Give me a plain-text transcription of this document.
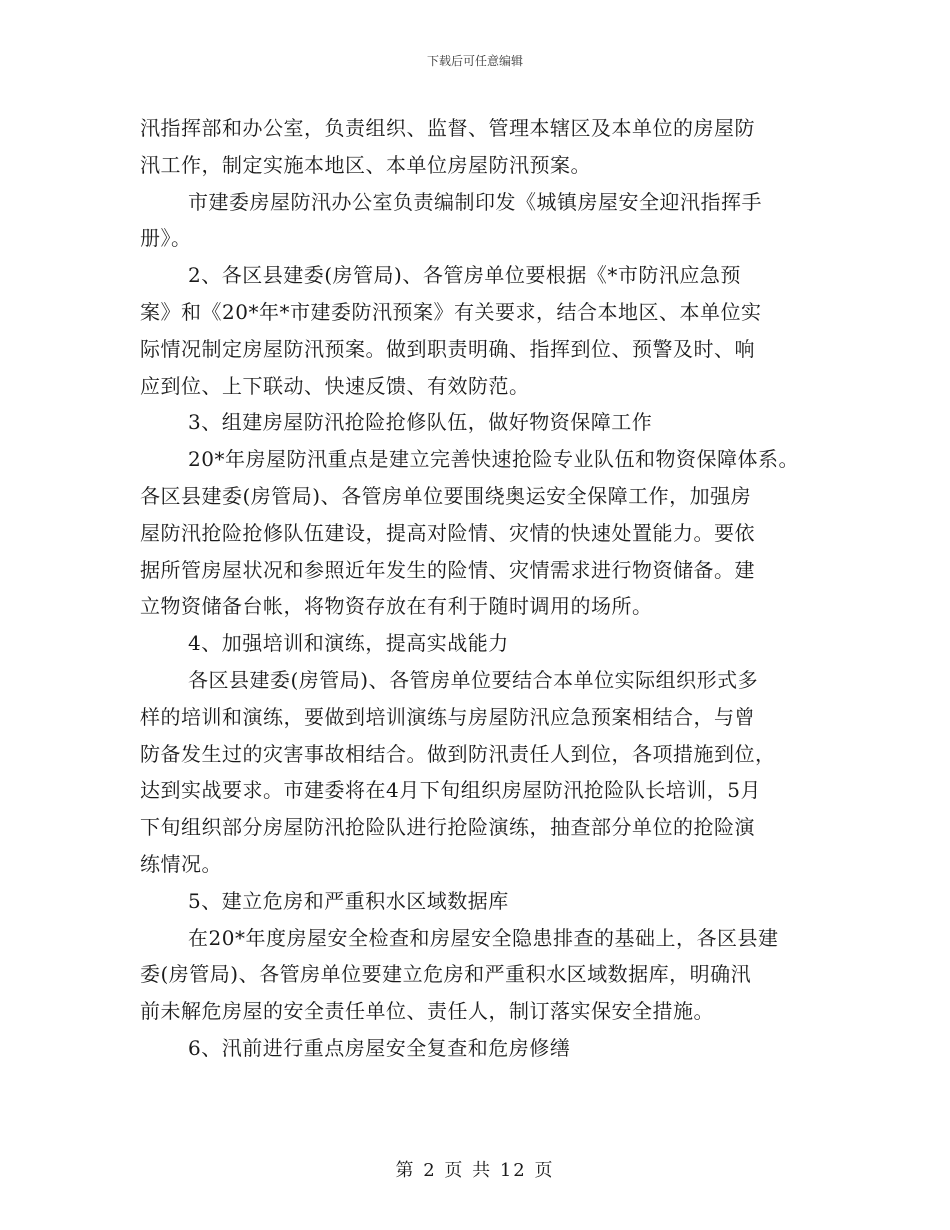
下载后可任意编辑
汛指挥部和办公室，负责组织、监督、管理本辖区及本单位的房屋防
汛工作，制定实施本地区、本单位房屋防汛预案。
市建委房屋防汛办公室负责编制印发《城镇房屋安全迎汛指挥手
册》。
2、各区县建委(房管局)、各管房单位要根据《*市防汛应急预
案》和《20*年*市建委防汛预案》有关要求，结合本地区、本单位实
际情况制定房屋防汛预案。做到职责明确、指挥到位、预警及时、响
应到位、上下联动、快速反馈、有效防范。
3、组建房屋防汛抢险抢修队伍，做好物资保障工作
20*年房屋防汛重点是建立完善快速抢险专业队伍和物资保障体系。
各区县建委(房管局)、各管房单位要围绕奥运安全保障工作，加强房
屋防汛抢险抢修队伍建设，提高对险情、灾情的快速处置能力。要依
据所管房屋状况和参照近年发生的险情、灾情需求进行物资储备。建
立物资储备台帐，将物资存放在有利于随时调用的场所。
4、加强培训和演练，提高实战能力
各区县建委(房管局)、各管房单位要结合本单位实际组织形式多
样的培训和演练，要做到培训演练与房屋防汛应急预案相结合，与曾
防备发生过的灾害事故相结合。做到防汛责任人到位，各项措施到位，
达到实战要求。市建委将在4月下旬组织房屋防汛抢险队长培训，5月
下旬组织部分房屋防汛抢险队进行抢险演练，抽查部分单位的抢险演
练情况。
5、建立危房和严重积水区域数据库
在20*年度房屋安全检查和房屋安全隐患排查的基础上，各区县建
委(房管局)、各管房单位要建立危房和严重积水区域数据库，明确汛
前未解危房屋的安全责任单位、责任人，制订落实保安全措施。
6、汛前进行重点房屋安全复查和危房修缮
第 2 页 共 12 页
